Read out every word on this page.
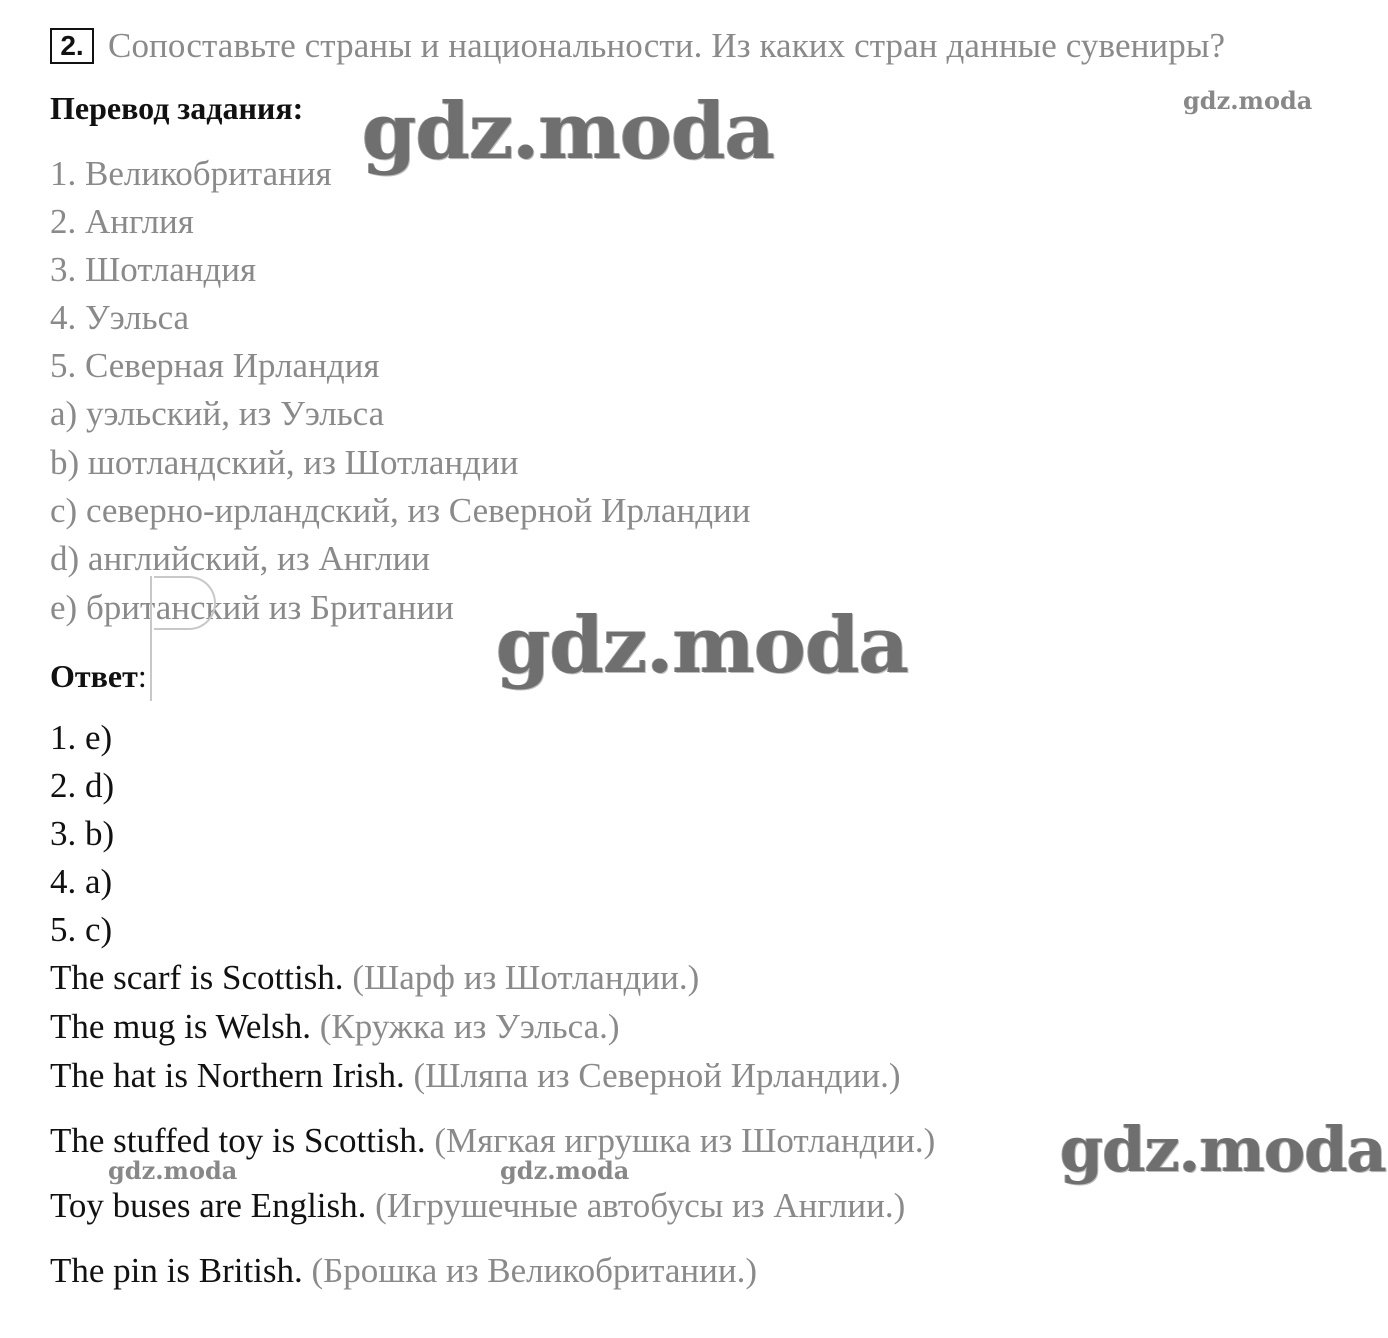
2. Сопоставьте страны и национальности. Из каких стран данные сувениры?
Перевод задания:
1. Великобритания
2. Англия
3. Шотландия
4. Уэльса
5. Северная Ирландия
a) уэльский, из Уэльса
b) шотландский, из Шотландии
c) северно-ирландский, из Северной Ирландии
d) английский, из Англии
e) британский из Британии
Ответ:
1. e)
2. d)
3. b)
4. a)
5. c)
The scarf is Scottish. (Шарф из Шотландии.)
The mug is Welsh. (Кружка из Уэльса.)
The hat is Northern Irish. (Шляпа из Северной Ирландии.)
The stuffed toy is Scottish. (Мягкая игрушка из Шотландии.)
Toy buses are English. (Игрушечные автобусы из Англии.)
The pin is British. (Брошка из Великобритании.)
gdz.moda	gdz.moda
gdz.moda
gdz.moda
gdz.moda	gdz.moda
